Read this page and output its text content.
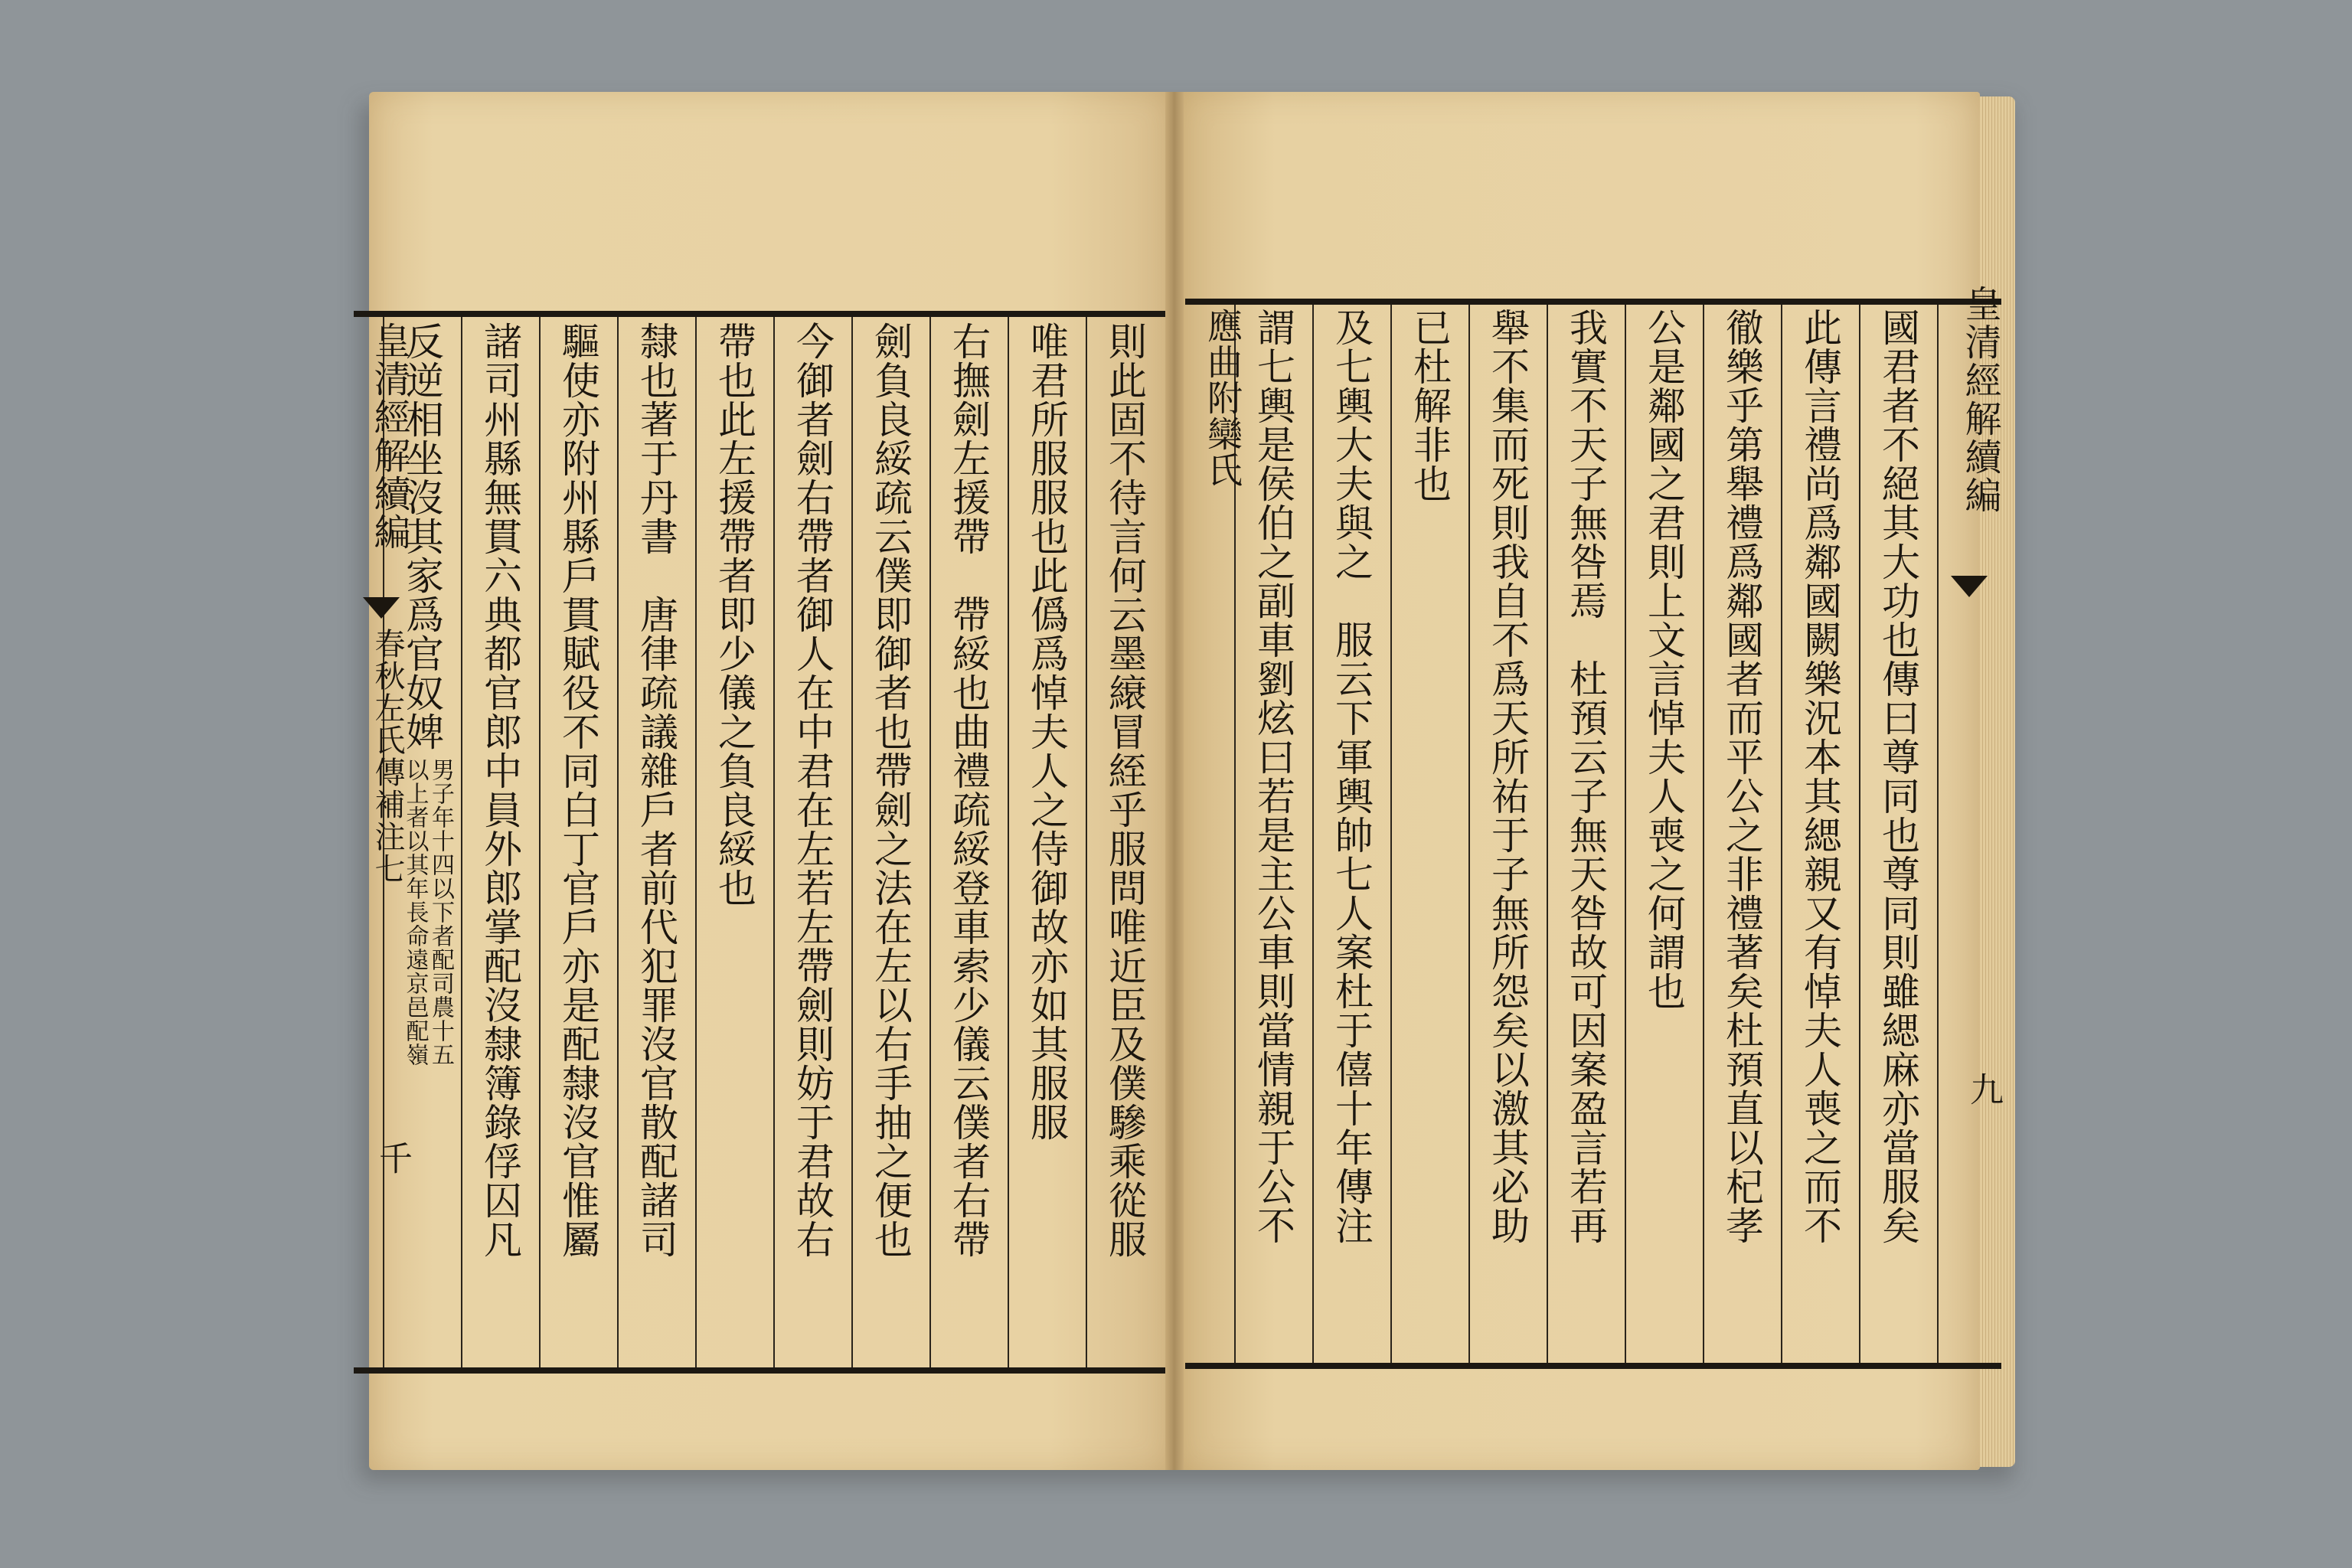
皇清經解續編
九
國君者不絕其大功也傳曰尊同也尊同則雖緦麻亦當服矣
此傳言禮尚爲鄰國闕樂況本其緦親又有悼夫人喪之而不
徹樂乎第舉禮爲鄰國者而平公之非禮著矣杜預直以杞孝
公是鄰國之君則上文言悼夫人喪之何謂也
我實不天子無咎焉　杜預云子無天咎故可因案盈言若再
舉不集而死則我自不爲天所祐于子無所怨矣以激其必助
已杜解非也
及七輿大夫與之　服云下軍輿帥七人案杜于僖十年傳注
謂七輿是侯伯之副車劉炫曰若是主公車則當情親于公不
應曲附欒氏
皇清經解續編
春秋左氏傳補注七
千	則此固不待言何云墨縗冒絰乎服問唯近臣及僕驂乘從服
唯君所服服也此僞爲悼夫人之侍御故亦如其服服
右撫劍左援帶　帶綏也曲禮疏綏登車索少儀云僕者右帶
劍負良綏疏云僕即御者也帶劍之法在左以右手抽之便也
今御者劍右帶者御人在中君在左若左帶劍則妨于君故右
帶也此左援帶者即少儀之負良綏也
隸也著于丹書　唐律疏議雜戶者前代犯罪沒官散配諸司
驅使亦附州縣戶貫賦役不同白丁官戶亦是配隸沒官惟屬
諸司州縣無貫六典都官郎中員外郎掌配沒隸簿錄俘囚凡
反逆相坐沒其家爲官奴婢
男子年十四以下者配司農十五
以上者以其年長命遠京邑配嶺
